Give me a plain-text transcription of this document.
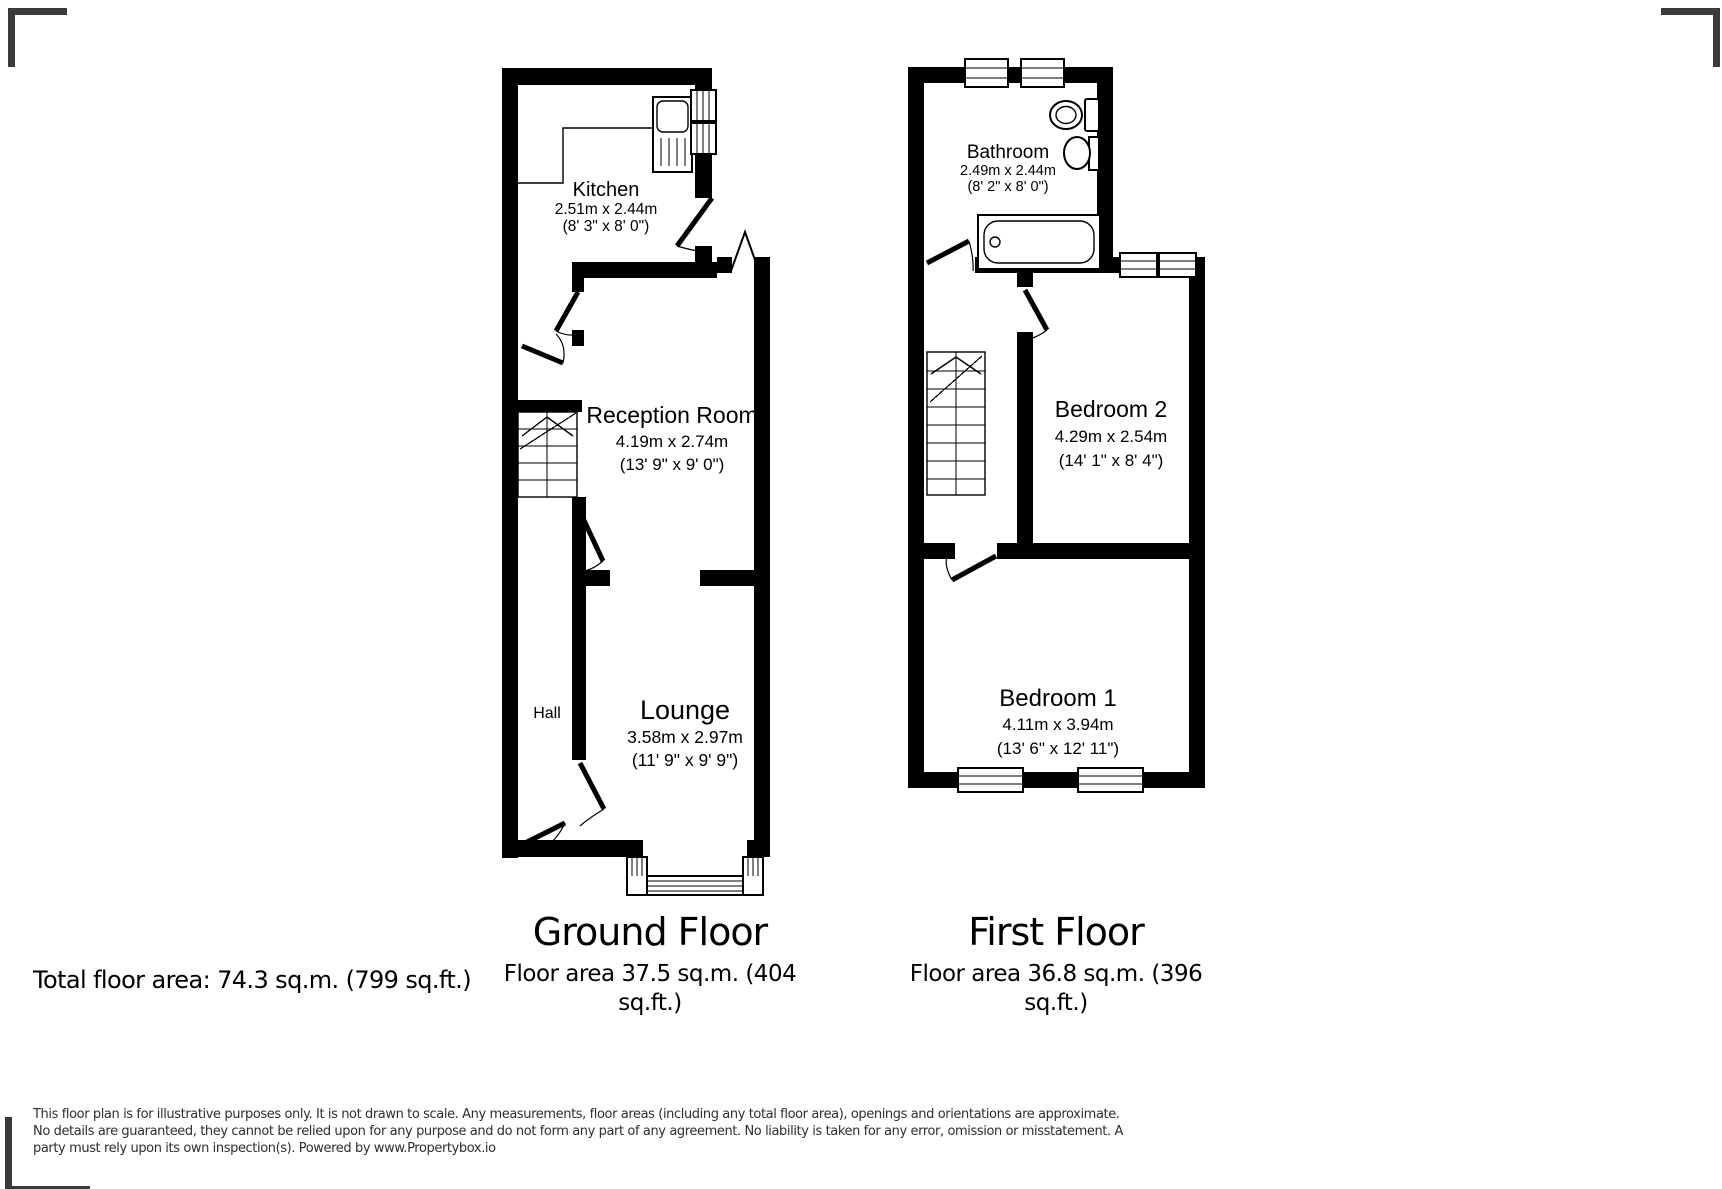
Kitchen
2.51m x 2.44m
(8' 3" x 8' 0")
Reception Room
4.19m x 2.74m
(13' 9" x 9' 0")
Lounge
3.58m x 2.97m
(11' 9" x 9' 9")
Hall
Bathroom
2.49m x 2.44m
(8' 2" x 8' 0")
Bedroom 2
4.29m x 2.54m
(14' 1" x 8' 4")
Bedroom 1
4.11m x 3.94m
(13' 6" x 12' 11")
Ground Floor
Floor area 37.5 sq.m. (404 sq.ft.)
First Floor
Floor area 36.8 sq.m. (396 sq.ft.)
Total floor area: 74.3 sq.m. (799 sq.ft.)
This floor plan is for illustrative purposes only. It is not drawn to scale. Any measurements, floor areas (including any total floor area), openings and orientations are approximate. No details are guaranteed, they cannot be relied upon for any purpose and do not form any part of any agreement. No liability is taken for any error, omission or misstatement. A party must rely upon its own inspection(s). Powered by www.Propertybox.io
